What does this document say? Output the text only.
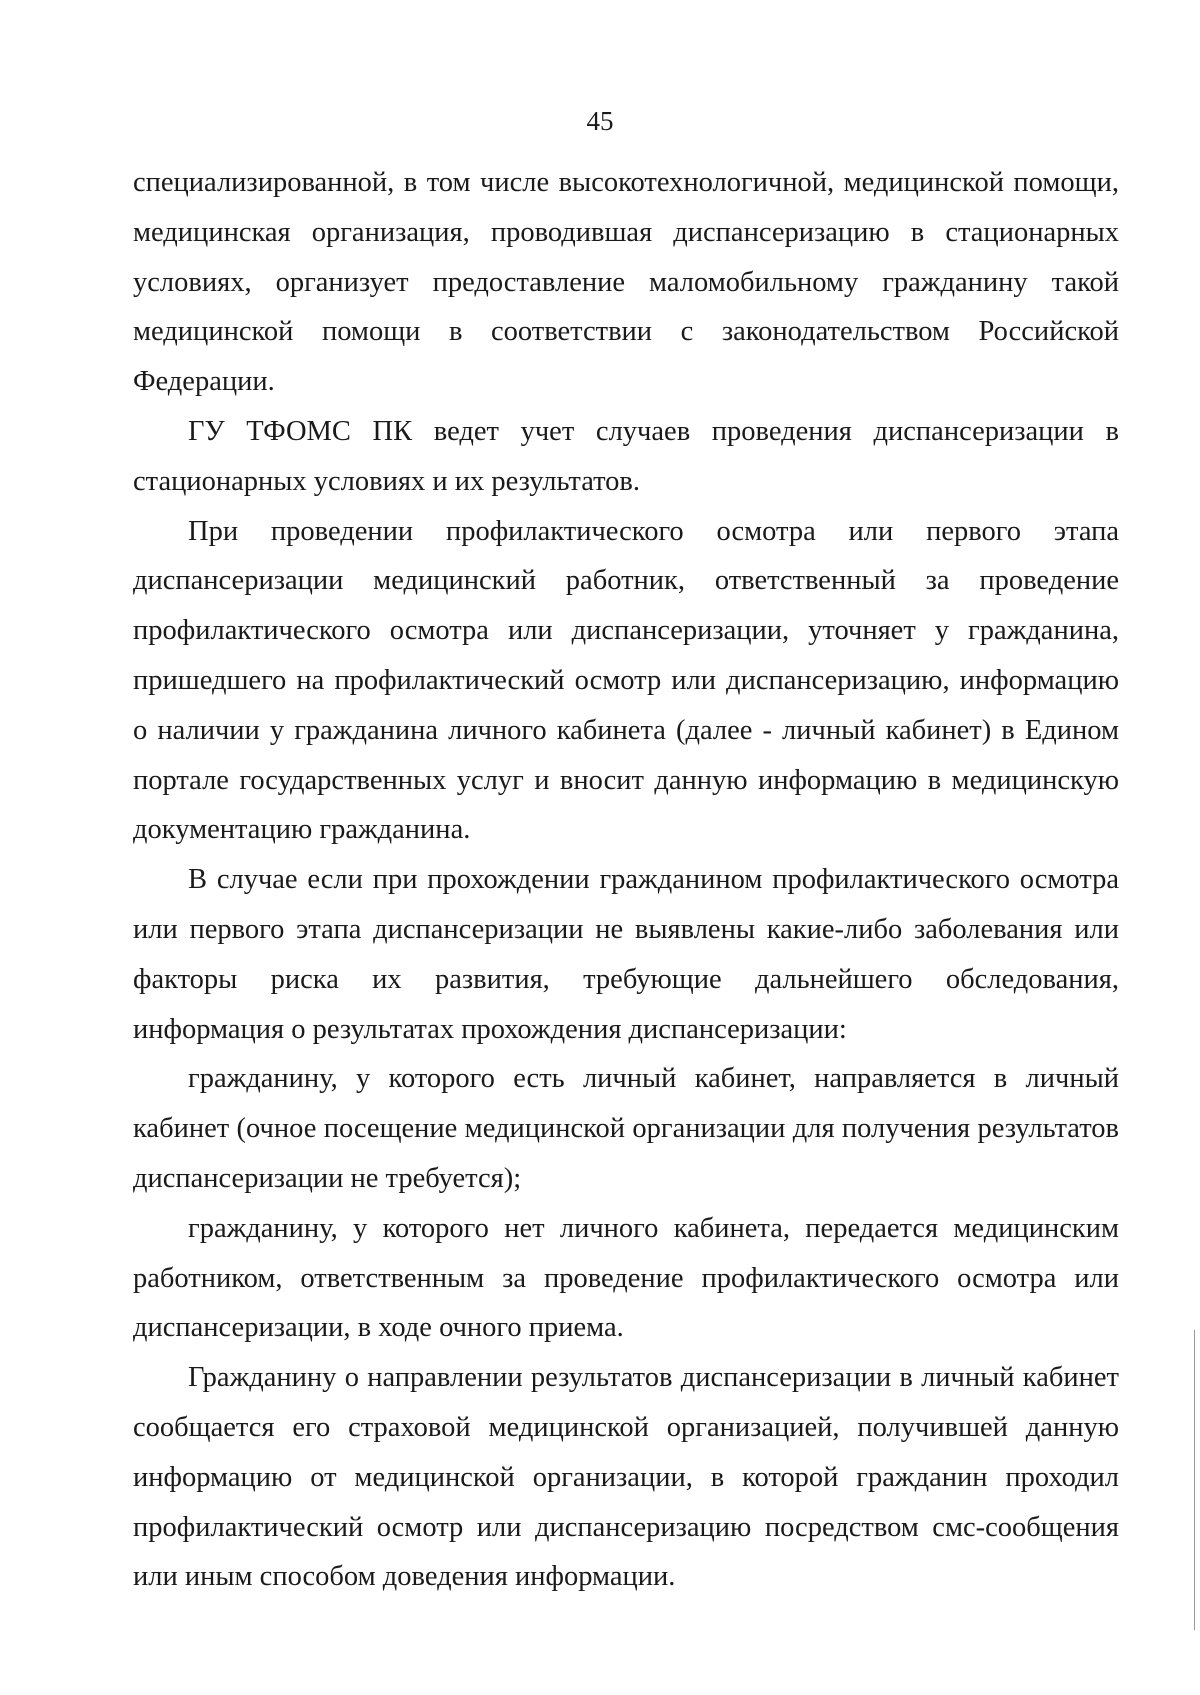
45

специализированной, в том числе высокотехнологичной, медицинской помощи, медицинская организация, проводившая диспансеризацию в стационарных условиях, организует предоставление маломобильному гражданину такой медицинской помощи в соответствии с законодательством Российской Федерации.

ГУ ТФОМС ПК ведет учет случаев проведения диспансеризации в стационарных условиях и их результатов.

При проведении профилактического осмотра или первого этапа диспансеризации медицинский работник, ответственный за проведение профилактического осмотра или диспансеризации, уточняет у гражданина, пришедшего на профилактический осмотр или диспансеризацию, информацию о наличии у гражданина личного кабинета (далее - личный кабинет) в Едином портале государственных услуг и вносит данную информацию в медицинскую документацию гражданина.

В случае если при прохождении гражданином профилактического осмотра или первого этапа диспансеризации не выявлены какие-либо заболевания или факторы риска их развития, требующие дальнейшего обследования, информация о результатах прохождения диспансеризации:

гражданину, у которого есть личный кабинет, направляется в личный кабинет (очное посещение медицинской организации для получения результатов диспансеризации не требуется);

гражданину, у которого нет личного кабинета, передается медицинским работником, ответственным за проведение профилактического осмотра или диспансеризации, в ходе очного приема.

Гражданину о направлении результатов диспансеризации в личный кабинет сообщается его страховой медицинской организацией, получившей данную информацию от медицинской организации, в которой гражданин проходил профилактический осмотр или диспансеризацию посредством смс-сообщения или иным способом доведения информации.
